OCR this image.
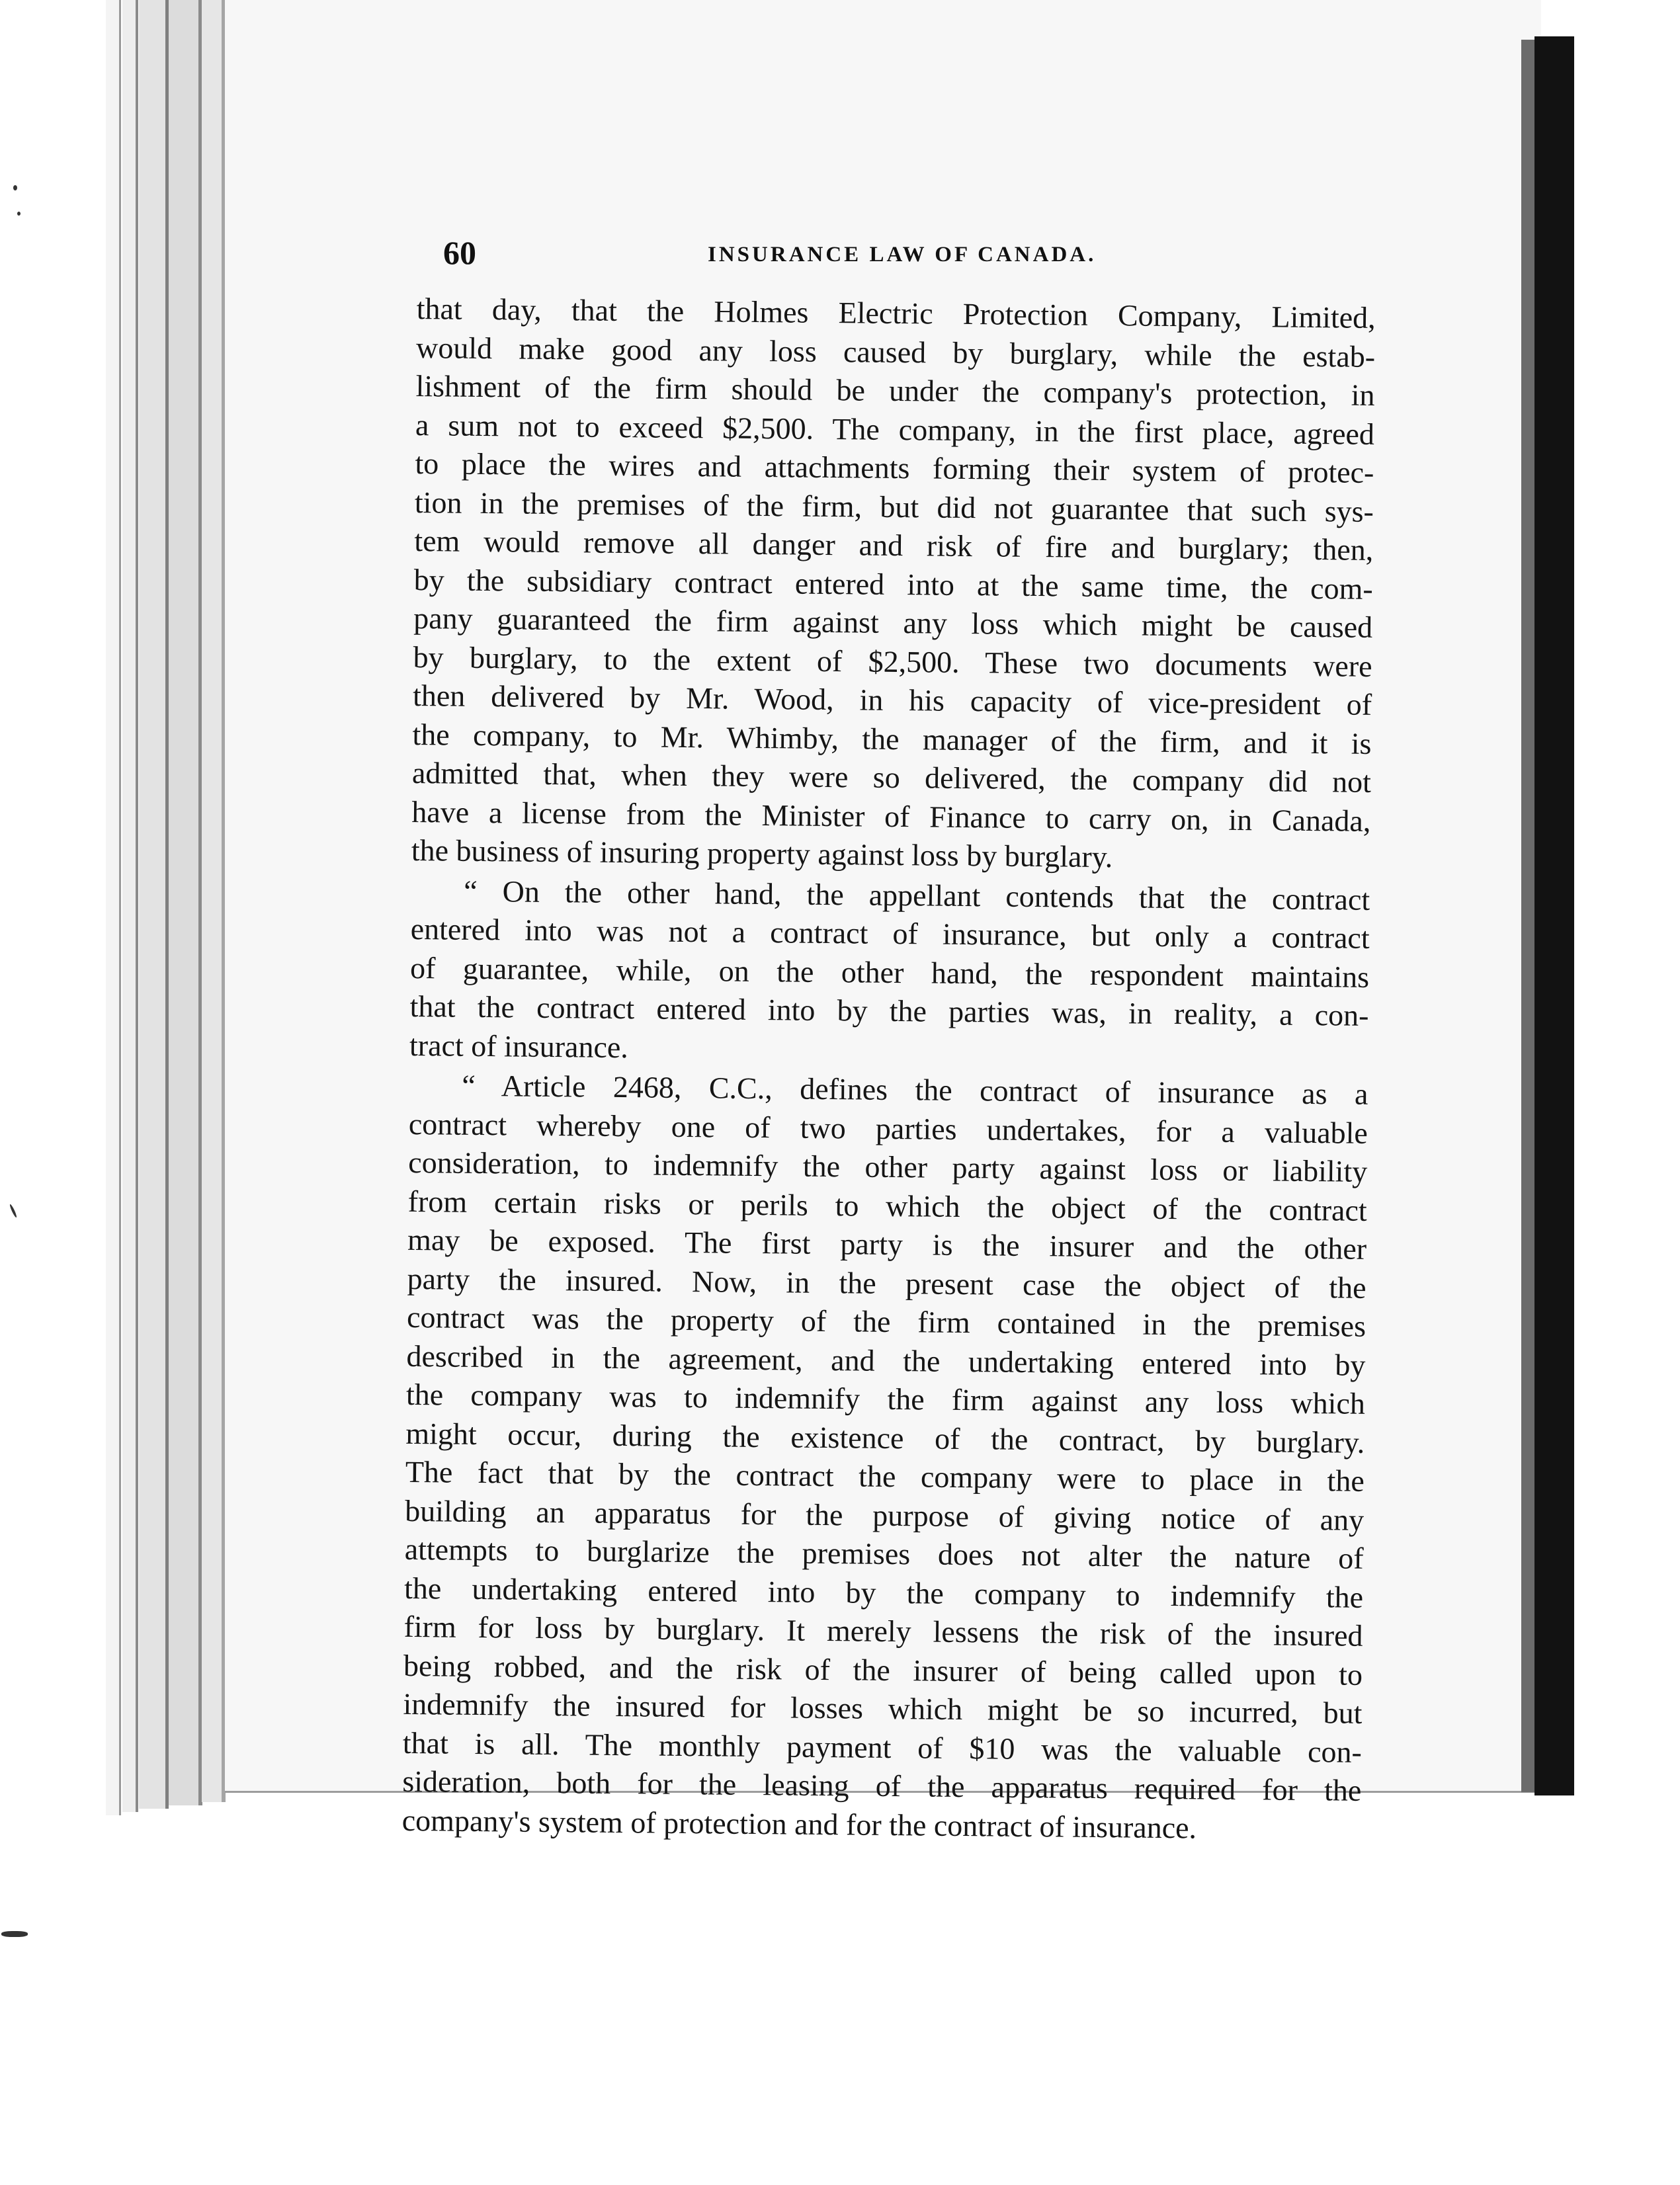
60	INSURANCE LAW OF CANADA.
that day, that the Holmes Electric Protection Company, Limited,
would make good any loss caused by burglary, while the estab-
lishment of the firm should be under the company's protection, in
a sum not to exceed $2,500. The company, in the first place, agreed
to place the wires and attachments forming their system of protec-
tion in the premises of the firm, but did not guarantee that such sys-
tem would remove all danger and risk of fire and burglary; then,
by the subsidiary contract entered into at the same time, the com-
pany guaranteed the firm against any loss which might be caused
by burglary, to the extent of $2,500. These two documents were
then delivered by Mr. Wood, in his capacity of vice-president of
the company, to Mr. Whimby, the manager of the firm, and it is
admitted that, when they were so delivered, the company did not
have a license from the Minister of Finance to carry on, in Canada,
the business of insuring property against loss by burglary.
“ On the other hand, the appellant contends that the contract
entered into was not a contract of insurance, but only a contract
of guarantee, while, on the other hand, the respondent maintains
that the contract entered into by the parties was, in reality, a con-
tract of insurance.
“ Article 2468, C.C., defines the contract of insurance as a
contract whereby one of two parties undertakes, for a valuable
consideration, to indemnify the other party against loss or liability
from certain risks or perils to which the object of the contract
may be exposed. The first party is the insurer and the other
party the insured. Now, in the present case the object of the
contract was the property of the firm contained in the premises
described in the agreement, and the undertaking entered into by
the company was to indemnify the firm against any loss which
might occur, during the existence of the contract, by burglary.
The fact that by the contract the company were to place in the
building an apparatus for the purpose of giving notice of any
attempts to burglarize the premises does not alter the nature of
the undertaking entered into by the company to indemnify the
firm for loss by burglary. It merely lessens the risk of the insured
being robbed, and the risk of the insurer of being called upon to
indemnify the insured for losses which might be so incurred, but
that is all. The monthly payment of $10 was the valuable con-
sideration, both for the leasing of the apparatus required for the
company's system of protection and for the contract of insurance.
